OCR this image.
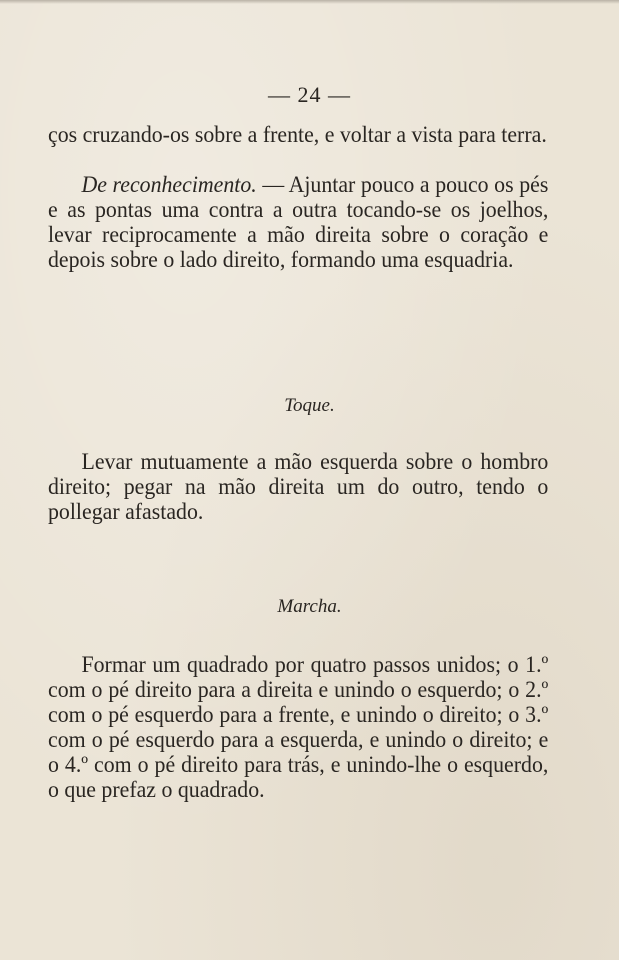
— 24 —

ços cruzando-os sobre a frente, e voltar a vista para terra.

De reconhecimento. — Ajuntar pouco a pouco os pés e as pontas uma contra a outra tocando-se os joelhos, levar reciprocamente a mão direita sobre o coração e depois sobre o lado direito, formando uma esquadria.

Toque.

Levar mutuamente a mão esquerda sobre o hombro direito; pegar na mão direita um do outro, tendo o pollegar afastado.

Marcha.

Formar um quadrado por quatro passos unidos; o 1.º com o pé direito para a direita e unindo o esquerdo; o 2.º com o pé esquerdo para a frente, e unindo o direito; o 3.º com o pé esquerdo para a esquerda, e unindo o direito; e o 4.º com o pé direito para trás, e unindo-lhe o esquerdo, o que prefaz o quadrado.
